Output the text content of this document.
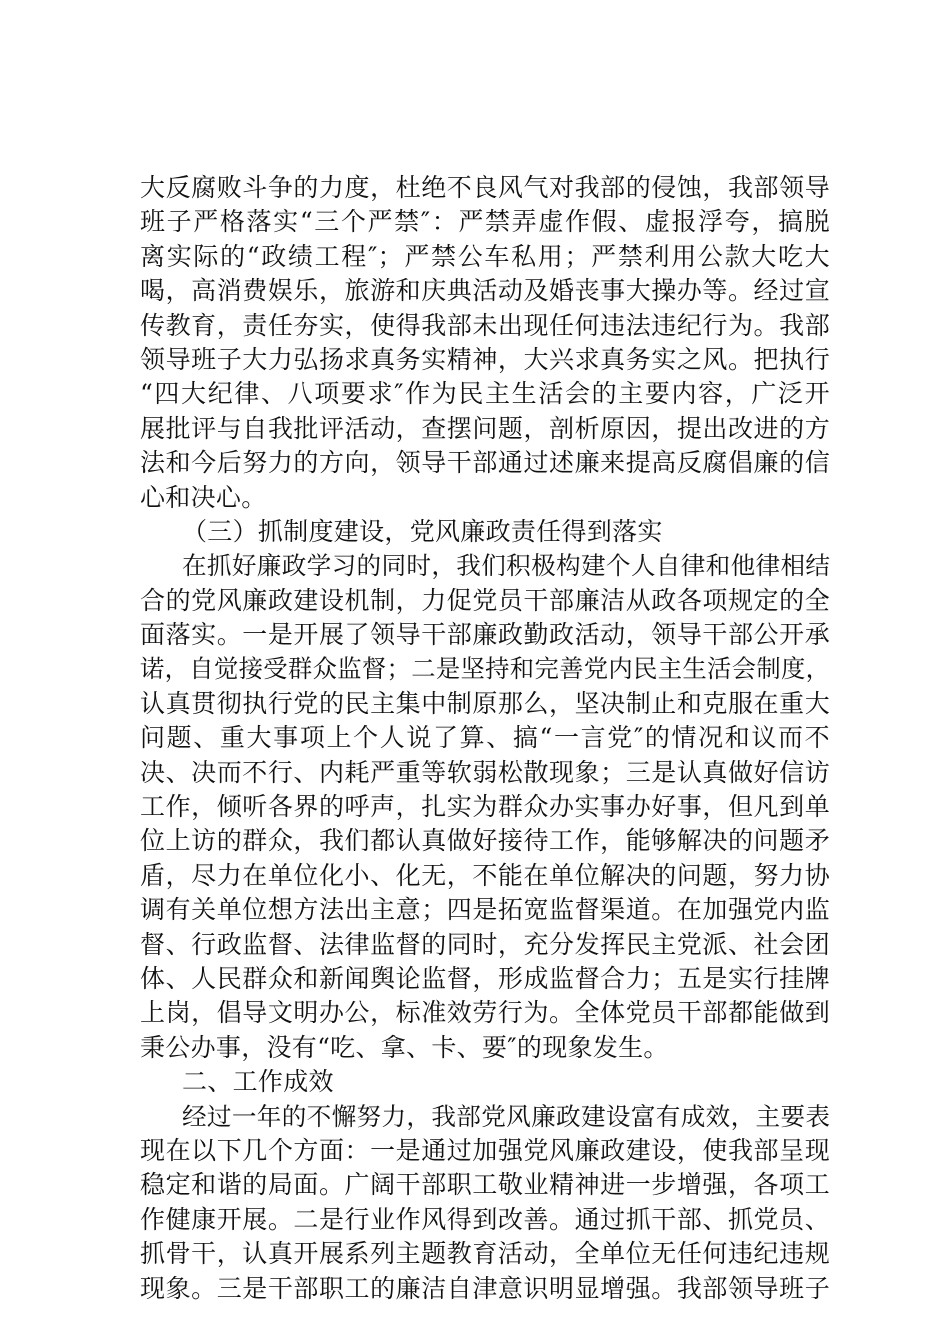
大反腐败斗争的力度，杜绝不良风气对我部的侵蚀，我部领导
班子严格落实“三个严禁″：严禁弄虚作假、虚报浮夸，搞脱
离实际的“政绩工程″；严禁公车私用；严禁利用公款大吃大
喝，高消费娱乐，旅游和庆典活动及婚丧事大操办等。经过宣
传教育，责任夯实，使得我部未出现任何违法违纪行为。我部
领导班子大力弘扬求真务实精神，大兴求真务实之风。把执行
“四大纪律、八项要求″作为民主生活会的主要内容，广泛开
展批评与自我批评活动，查摆问题，剖析原因，提出改进的方
法和今后努力的方向，领导干部通过述廉来提高反腐倡廉的信
心和决心。
（三）抓制度建设，党风廉政责任得到落实
在抓好廉政学习的同时，我们积极构建个人自律和他律相结
合的党风廉政建设机制，力促党员干部廉洁从政各项规定的全
面落实。一是开展了领导干部廉政勤政活动，领导干部公开承
诺，自觉接受群众监督；二是坚持和完善党内民主生活会制度，
认真贯彻执行党的民主集中制原那么，坚决制止和克服在重大
问题、重大事项上个人说了算、搞“一言党″的情况和议而不
决、决而不行、内耗严重等软弱松散现象；三是认真做好信访
工作，倾听各界的呼声，扎实为群众办实事办好事，但凡到单
位上访的群众，我们都认真做好接待工作，能够解决的问题矛
盾，尽力在单位化小、化无，不能在单位解决的问题，努力协
调有关单位想方法出主意；四是拓宽监督渠道。在加强党内监
督、行政监督、法律监督的同时，充分发挥民主党派、社会团
体、人民群众和新闻舆论监督，形成监督合力；五是实行挂牌
上岗，倡导文明办公，标准效劳行为。全体党员干部都能做到
秉公办事，没有“吃、拿、卡、要″的现象发生。
二、工作成效
经过一年的不懈努力，我部党风廉政建设富有成效，主要表
现在以下几个方面：一是通过加强党风廉政建设，使我部呈现
稳定和谐的局面。广阔干部职工敬业精神进一步增强，各项工
作健康开展。二是行业作风得到改善。通过抓干部、抓党员、
抓骨干，认真开展系列主题教育活动，全单位无任何违纪违规
现象。三是干部职工的廉洁自津意识明显增强。我部领导班子
